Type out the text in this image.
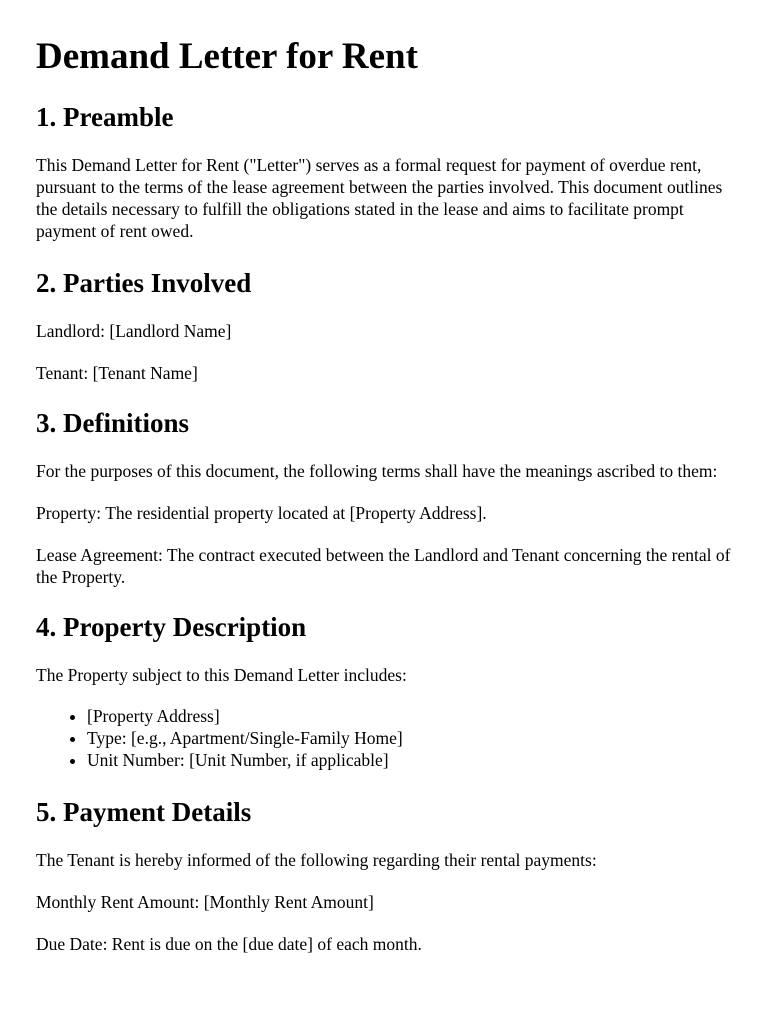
Demand Letter for Rent
1. Preamble

This Demand Letter for Rent ("Letter") serves as a formal request for payment of overdue rent, pursuant to the terms of the lease agreement between the parties involved. This document outlines the details necessary to fulfill the obligations stated in the lease and aims to facilitate prompt payment of rent owed.

2. Parties Involved

Landlord: [Landlord Name]

Tenant: [Tenant Name]

3. Definitions

For the purposes of this document, the following terms shall have the meanings ascribed to them:

Property: The residential property located at [Property Address].

Lease Agreement: The contract executed between the Landlord and Tenant concerning the rental of the Property.

4. Property Description

The Property subject to this Demand Letter includes:

• [Property Address]
• Type: [e.g., Apartment/Single-Family Home]
• Unit Number: [Unit Number, if applicable]
5. Payment Details

The Tenant is hereby informed of the following regarding their rental payments:

Monthly Rent Amount: [Monthly Rent Amount]

Due Date: Rent is due on the [due date] of each month.
